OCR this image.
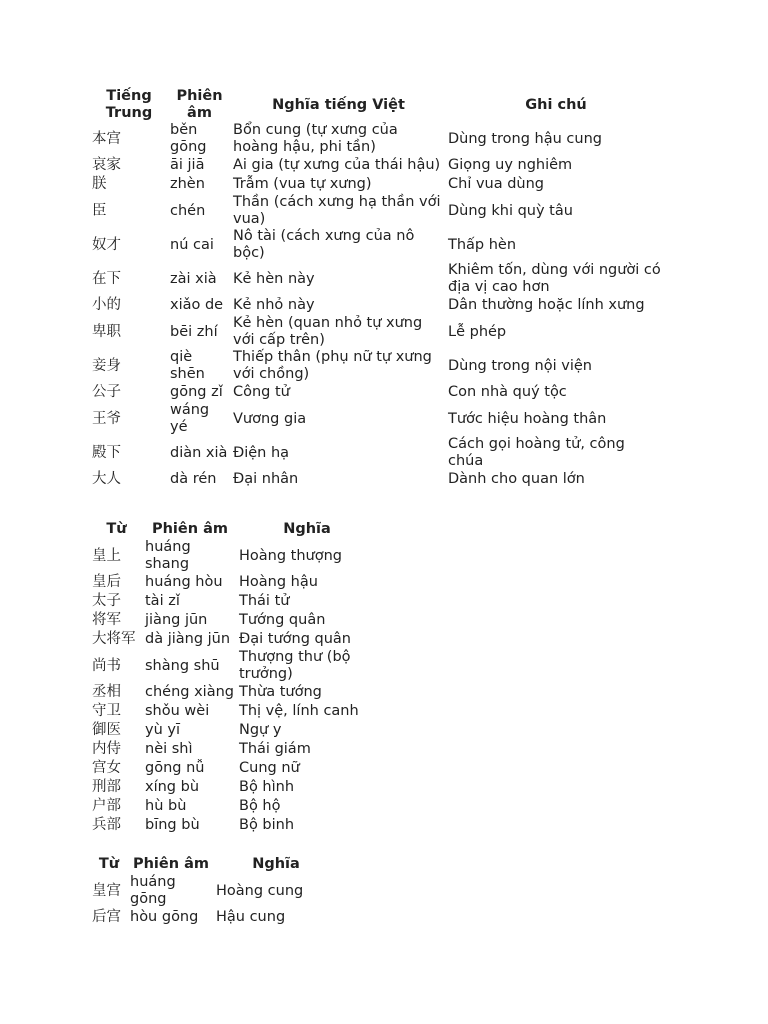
Tiếng Trung	Phiên âm	Nghĩa tiếng Việt	Ghi chú
本宫	běn gōng	Bổn cung (tự xưng của hoàng hậu, phi tần)	Dùng trong hậu cung
哀家	āi jiā	Ai gia (tự xưng của thái hậu)	Giọng uy nghiêm
朕	zhèn	Trẫm (vua tự xưng)	Chỉ vua dùng
臣	chén	Thần (cách xưng hạ thần với vua)	Dùng khi quỳ tâu
奴才	nú cai	Nô tài (cách xưng của nô bộc)	Thấp hèn
在下	zài xià	Kẻ hèn này	Khiêm tốn, dùng với người có địa vị cao hơn
小的	xiǎo de	Kẻ nhỏ này	Dân thường hoặc lính xưng
卑职	bēi zhí	Kẻ hèn (quan nhỏ tự xưng với cấp trên)	Lễ phép
妾身	qiè shēn	Thiếp thân (phụ nữ tự xưng với chồng)	Dùng trong nội viện
公子	gōng zǐ	Công tử	Con nhà quý tộc
王爷	wáng yé	Vương gia	Tước hiệu hoàng thân
殿下	diàn xià	Điện hạ	Cách gọi hoàng tử, công chúa
大人	dà rén	Đại nhân	Dành cho quan lớn
Từ	Phiên âm	Nghĩa
皇上	huáng shang	Hoàng thượng
皇后	huáng hòu	Hoàng hậu
太子	tài zǐ	Thái tử
将军	jiàng jūn	Tướng quân
大将军	dà jiàng jūn	Đại tướng quân
尚书	shàng shū	Thượng thư (bộ trưởng)
丞相	chéng xiàng	Thừa tướng
守卫	shǒu wèi	Thị vệ, lính canh
御医	yù yī	Ngự y
内侍	nèi shì	Thái giám
宫女	gōng nǚ	Cung nữ
刑部	xíng bù	Bộ hình
户部	hù bù	Bộ hộ
兵部	bīng bù	Bộ binh
Từ	Phiên âm	Nghĩa
皇宫	huáng gōng	Hoàng cung
后宫	hòu gōng	Hậu cung
